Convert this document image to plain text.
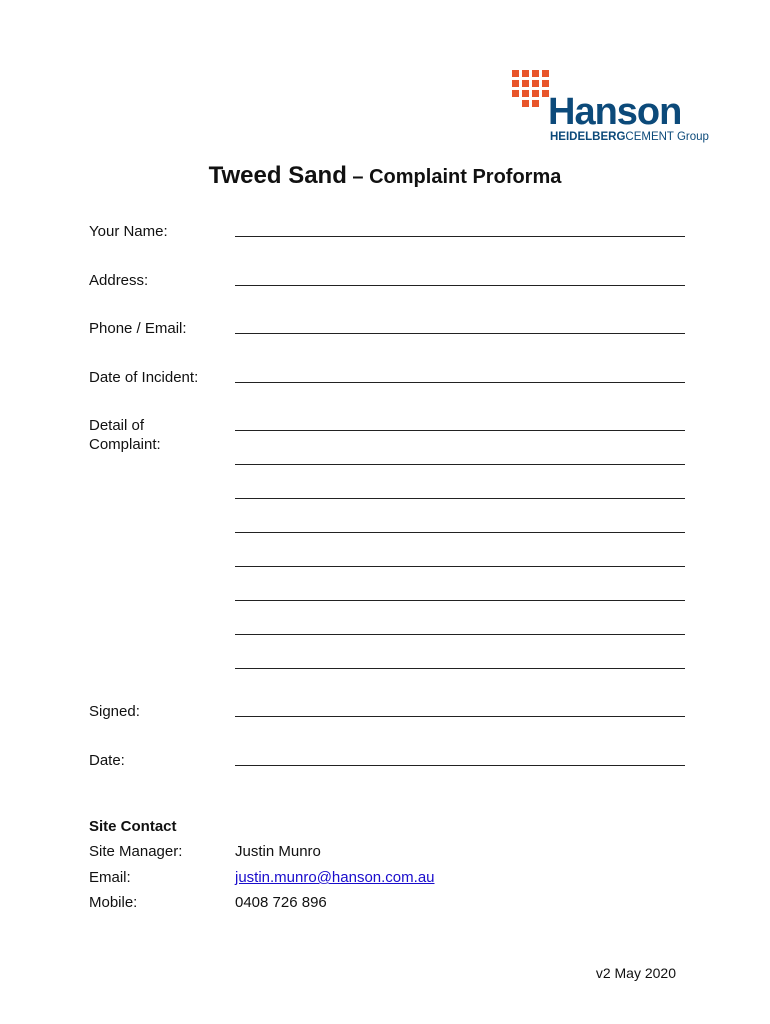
Hanson
HEIDELBERGCEMENT Group
Tweed Sand – Complaint Proforma

Your Name:

Address:

Phone / Email:

Date of Incident:

Detail of

Complaint:

Signed:

Date:

Site Contact

Site Manager:	Justin Munro

Email:	justin.munro@hanson.com.au

Mobile:	0408 726 896

v2 May 2020
